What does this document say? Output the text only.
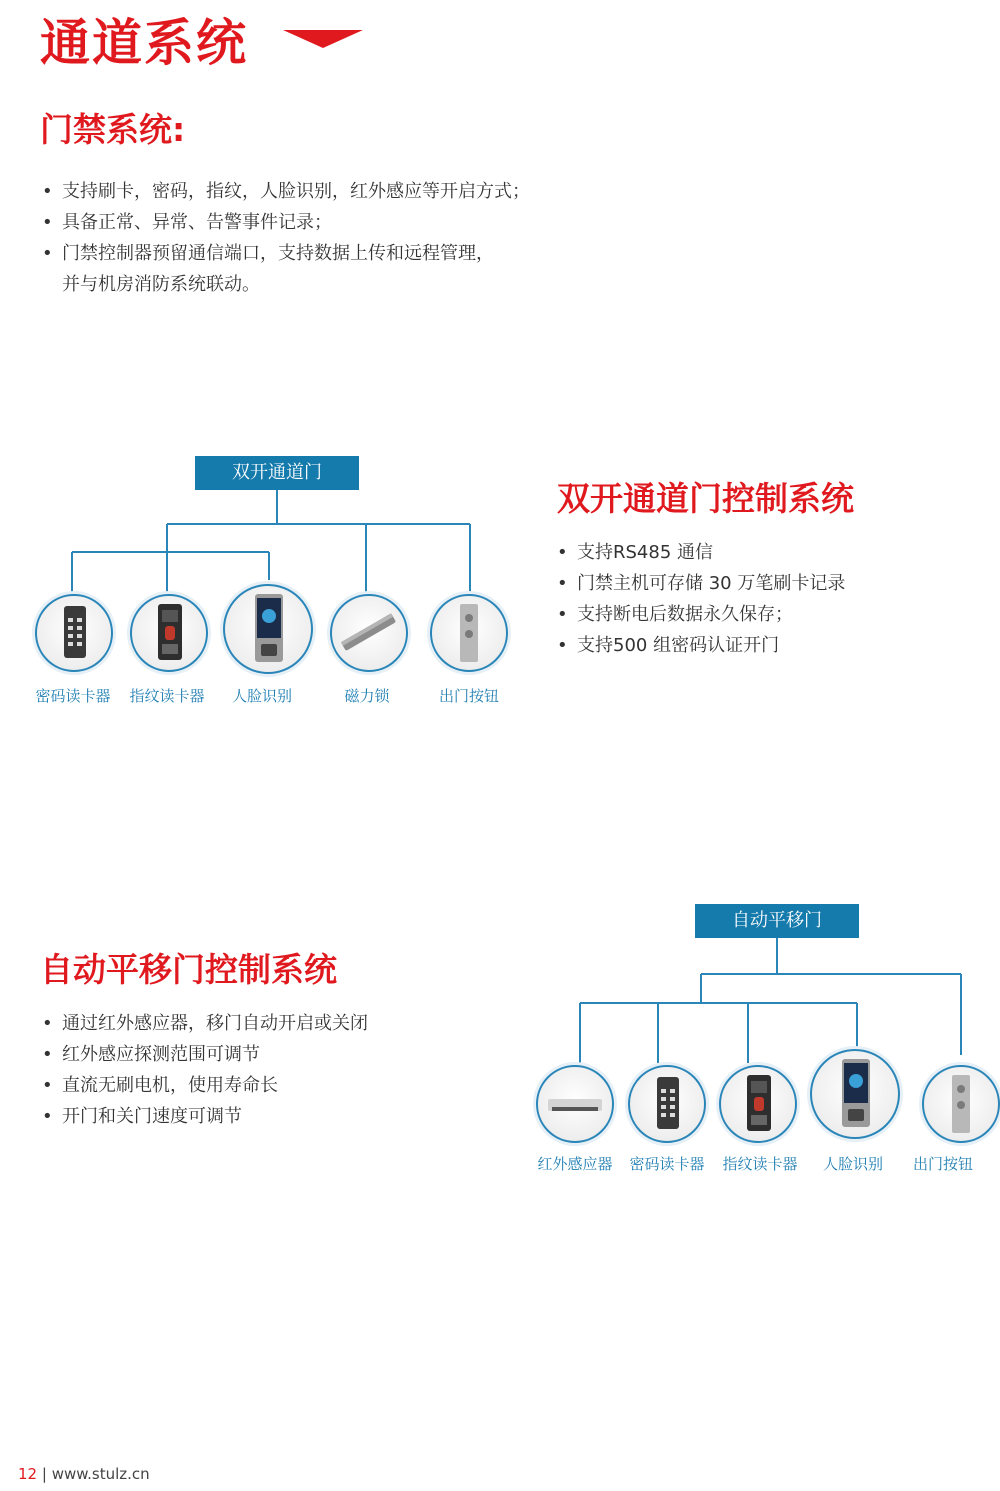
通道系统
门禁系统:
• 支持刷卡，密码，指纹，人脸识别，红外感应等开启方式；
• 具备正常、异常、告警事件记录；
• 门禁控制器预留通信端口，支持数据上传和远程管理，
并与机房消防系统联动。
双开通道门
密码读卡器	指纹读卡器	人脸识别	磁力锁	出门按钮
双开通道门控制系统
• 支持RS485 通信
• 门禁主机可存储 30 万笔刷卡记录
• 支持断电后数据永久保存；
• 支持500 组密码认证开门
自动平移门
红外感应器	密码读卡器	指纹读卡器	人脸识别	出门按钮
自动平移门控制系统
• 通过红外感应器，移门自动开启或关闭
• 红外感应探测范围可调节
• 直流无刷电机，使用寿命长
• 开门和关门速度可调节
12 | www.stulz.cn
